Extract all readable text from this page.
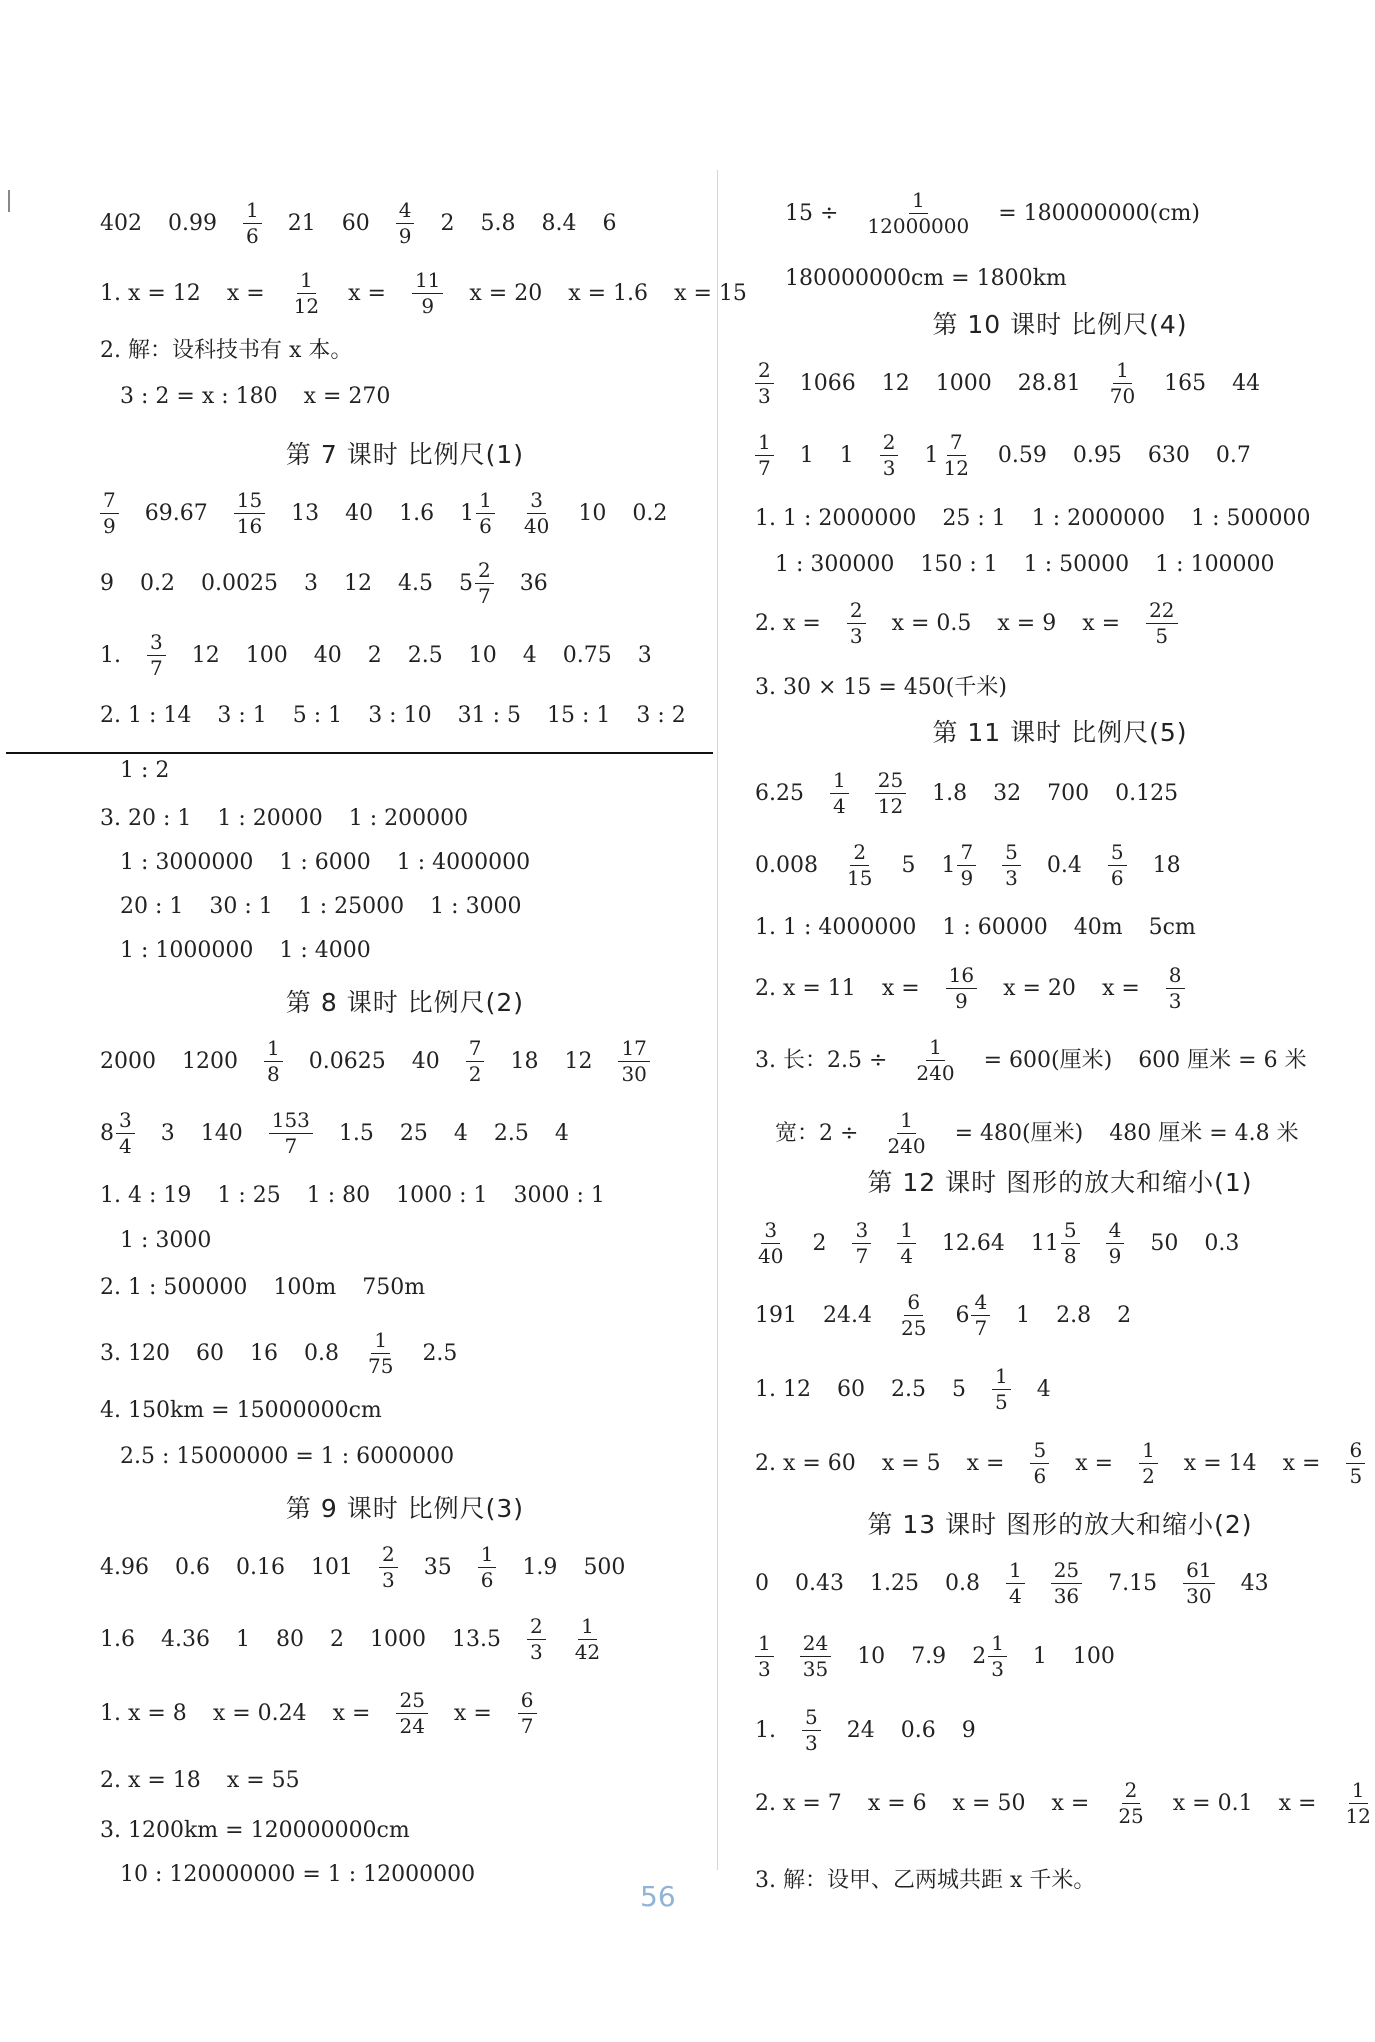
402 $0.99 \frac{1}{6} 21$ $60 \frac{4}{9} 2$ 5.8 8.4 6
1. x = 12 $x = \frac{1}{12}$ $x = \frac{11}{9}$ x = 20 x = 1.6 x = 15
2. 解：设科技书有 x 本。
3 : 2 = x : 180 x = 270
第 7 课时 比例尺(1)
$\frac{7}{9} 69.67 \frac{15}{16} 13$ 40 1.6 $1 \frac{1}{6} \frac{3}{40} 10$ 0.2
9 0.2 0.0025 3 12 4.5 $5 \frac{2}{7} 36$
1. $\frac{3}{7} 12$ 100 40 2 2.5 10 4 0.75 3
2. 1 : 14 3 : 1 5 : 1 3 : 10 31 : 5 15 : 1 3 : 2
1 : 2
3. 20 : 1 1 : 20000 1 : 200000
1 : 3000000 1 : 6000 1 : 4000000
20 : 1 30 : 1 1 : 25000 1 : 3000
1 : 1000000 1 : 4000
第 8 课时 比例尺(2)
2000 $1200 \frac{1}{8} 0.0625$ $40 \frac{7}{2} 18$ $12 \frac{17}{30}$
$8 \frac{3}{4} 3$ $140 \frac{153}{7} 1.5$ 25 4 2.5 4
1. 4 : 19 1 : 25 1 : 80 1000 : 1 3000 : 1
1 : 3000
2. 1 : 500000 100m 750m
3. 120 60 16 $0.8 \frac{1}{75} 2.5$
4. 150km = 15000000cm
2.5 : 15000000 = 1 : 6000000
第 9 课时 比例尺(3)
4.96 0.6 0.16 $101 \frac{2}{3} 35 \frac{1}{6} 1.9$ 500
1.6 4.36 1 80 2 1000 $13.5 \frac{2}{3} \frac{1}{42}$
1. x = 8 x = 0.24 $x = \frac{25}{24}$ $x = \frac{6}{7}$
2. x = 18 x = 55
3. 1200km = 120000000cm
10 : 120000000 = 1 : 12000000
$15 \div \frac{1}{12000000} = 180000000(cm)$
180000000cm = 1800km
第 10 课时 比例尺(4)
$\frac{2}{3} 1066$ 12 1000 $28.81 \frac{1}{70} 165$ 44
$\frac{1}{7} 1$ $1 \frac{2}{3} 1 \frac{7}{12} 0.59$ 0.95 630 0.7
1. 1 : 2000000 25 : 1 1 : 2000000 1 : 500000
1 : 300000 150 : 1 1 : 50000 1 : 100000
2. $x = \frac{2}{3}$ x = 0.5 x = 9 $x = \frac{22}{5}$
3. 30 × 15 = 450(千米)
第 11 课时 比例尺(5)
$6.25 \frac{1}{4} \frac{25}{12} 1.8$ 32 700 0.125
$0.008 \frac{2}{15} 5$ $1 \frac{7}{9} \frac{5}{3} 0.4 \frac{5}{6} 18$
1. 1 : 4000000 1 : 60000 40m 5cm
2. x = 11 $x = \frac{16}{9}$ x = 20 $x = \frac{8}{3}$
3. 长：$2.5 \div \frac{1}{240} = 600$(厘米) 600 厘米 = 6 米
宽：$2 \div \frac{1}{240} = 480$(厘米) 480 厘米 = 4.8 米
第 12 课时 图形的放大和缩小(1)
$\frac{3}{40} 2 \frac{3}{7} \frac{1}{4} 12.64$ $11 \frac{5}{8} \frac{4}{9} 50$ 0.3
191 $24.4 \frac{6}{25} 6 \frac{4}{7} 1$ 2.8 2
1. 12 60 2.5 $5 \frac{1}{5} 4$
2. x = 60 x = 5 $x = \frac{5}{6}$ $x = \frac{1}{2}$ x = 14 $x = \frac{6}{5}$
第 13 课时 图形的放大和缩小(2)
0 0.43 1.25 $0.8 \frac{1}{4} \frac{25}{36} 7.15 \frac{61}{30} 43$
$\frac{1}{3} \frac{24}{35} 10$ 7.9 $2 \frac{1}{3} 1$ 100
1. $\frac{5}{3} 24$ 0.6 9
2. x = 7 x = 6 x = 50 $x = \frac{2}{25}$ x = 0.1 $x = \frac{1}{12}$
3. 解：设甲、乙两城共距 x 千米。
56
